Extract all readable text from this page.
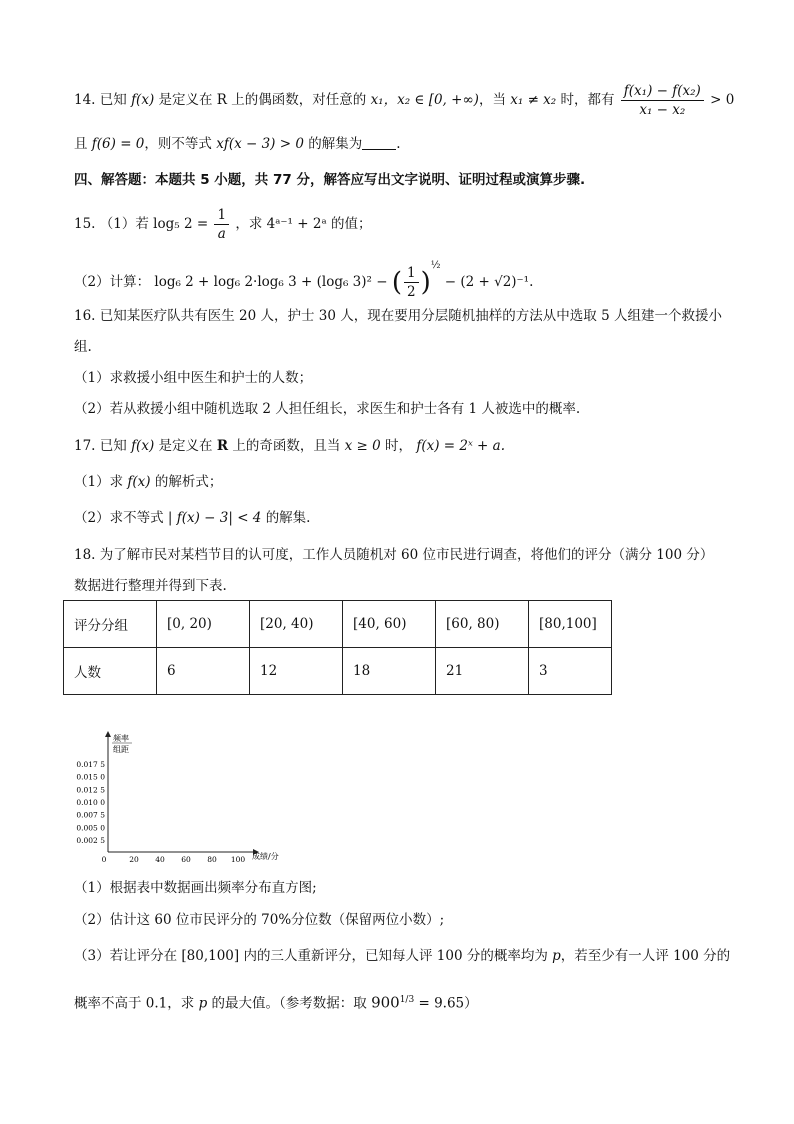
14. 已知 f(x) 是定义在 R 上的偶函数，对任意的 x₁，x₂ ∈ [0, +∞)，当 x₁ ≠ x₂ 时，都有 $\frac{\text{f(x₁) − f(x₂)}}{\text{x₁ − x₂}} > 0$
且 f(6) = 0，则不等式 xf(x − 3) > 0 的解集为	.
四、解答题：本题共 5 小题，共 77 分，解答应写出文字说明、证明过程或演算步骤.
15. （1）若 log₅ $2 = \frac{1}{a}$ ，求 4ᵃ⁻¹ + 2ᵃ 的值；
（2）计算： log₆ 2 + log₆ 2·log₆ 3 + (log₆ 3)² − ( $\frac{1}{2} )^{\frac{1}{2}} - (2 + √2)^{-1}$.
16. 已知某医疗队共有医生 20 人，护士 30 人，现在要用分层随机抽样的方法从中选取 5 人组建一个救援小
组.
（1）求救援小组中医生和护士的人数；
（2）若从救援小组中随机选取 2 人担任组长，求医生和护士各有 1 人被选中的概率.
17. 已知 f(x) 是定义在 R 上的奇函数，且当 x ≥ 0 时， f(x) = 2ˣ + a.
（1）求 f(x) 的解析式；
（2）求不等式 | f(x) − 3| < 4 的解集.
18. 为了解市民对某档节目的认可度，工作人员随机对 60 位市民进行调查，将他们的评分（满分 100 分）
数据进行整理并得到下表.
评分分组	[0, 20)	[20, 40)	[40, 60)	[60, 80)	[80,100]
人数	6	12	18	21	3
频率
组距
成绩/分
0.017 5
0.015 0
0.012 5
0.010 0
0.007 5
0.005 0
0.002 5
0	20 40 60 80 100
（1）根据表中数据画出频率分布直方图;
（2）估计这 60 位市民评分的 70%分位数（保留两位小数）;
（3）若让评分在 [80,100] 内的三人重新评分，已知每人评 100 分的概率均为 p，若至少有一人评 100 分的
概率不高于 0.1，求 p 的最大值。（参考数据：取 $900^{1/3} = 9.65$）
